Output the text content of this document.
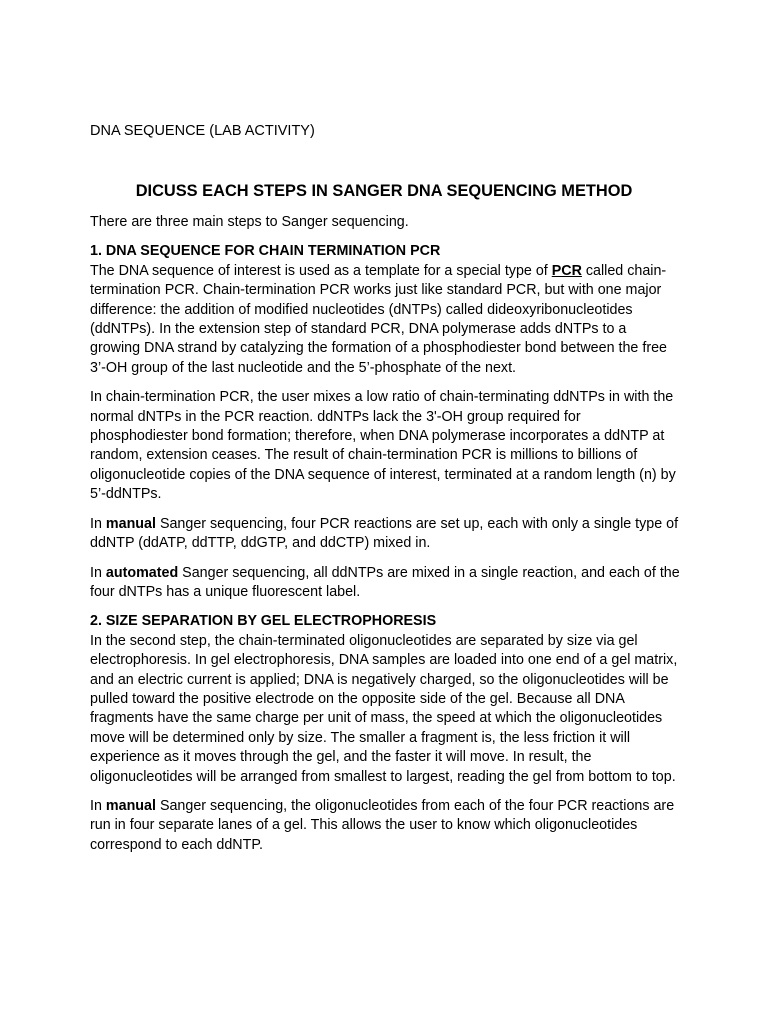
DNA SEQUENCE (LAB ACTIVITY)
DICUSS EACH STEPS IN SANGER DNA SEQUENCING METHOD

There are three main steps to Sanger sequencing.

1. DNA SEQUENCE FOR CHAIN TERMINATION PCR

The DNA sequence of interest is used as a template for a special type of PCR called chain-termination PCR. Chain-termination PCR works just like standard PCR, but with one major difference: the addition of modified nucleotides (dNTPs) called dideoxyribonucleotides (ddNTPs). In the extension step of standard PCR, DNA polymerase adds dNTPs to a growing DNA strand by catalyzing the formation of a phosphodiester bond between the free 3’-OH group of the last nucleotide and the 5’-phosphate of the next.

In chain-termination PCR, the user mixes a low ratio of chain-terminating ddNTPs in with the normal dNTPs in the PCR reaction. ddNTPs lack the 3'-OH group required for phosphodiester bond formation; therefore, when DNA polymerase incorporates a ddNTP at random, extension ceases. The result of chain-termination PCR is millions to billions of oligonucleotide copies of the DNA sequence of interest, terminated at a random length (n) by 5’-ddNTPs.

In manual Sanger sequencing, four PCR reactions are set up, each with only a single type of ddNTP (ddATP, ddTTP, ddGTP, and ddCTP) mixed in.

In automated Sanger sequencing, all ddNTPs are mixed in a single reaction, and each of the four dNTPs has a unique fluorescent label.

2. SIZE SEPARATION BY GEL ELECTROPHORESIS

In the second step, the chain-terminated oligonucleotides are separated by size via gel electrophoresis. In gel electrophoresis, DNA samples are loaded into one end of a gel matrix, and an electric current is applied; DNA is negatively charged, so the oligonucleotides will be pulled toward the positive electrode on the opposite side of the gel. Because all DNA fragments have the same charge per unit of mass, the speed at which the oligonucleotides move will be determined only by size. The smaller a fragment is, the less friction it will experience as it moves through the gel, and the faster it will move. In result, the oligonucleotides will be arranged from smallest to largest, reading the gel from bottom to top.

In manual Sanger sequencing, the oligonucleotides from each of the four PCR reactions are run in four separate lanes of a gel. This allows the user to know which oligonucleotides correspond to each ddNTP.
